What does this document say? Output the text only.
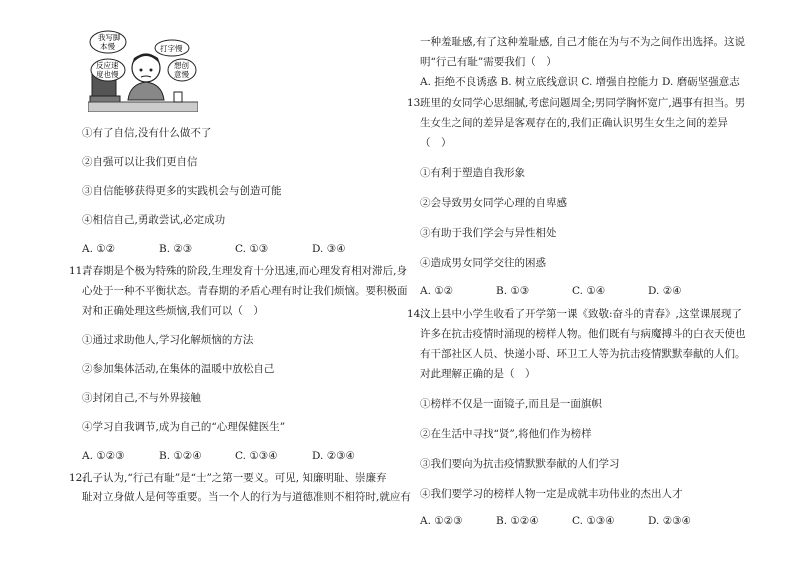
我写脚
本慢	打字慢
反应速
度也慢
想创
意慢
①有了自信,没有什么做不了
②自强可以让我们更自信
③自信能够获得更多的实践机会与创造可能
④相信自己,勇敢尝试,必定成功
A. ①②	B. ②③	C. ①③	D. ③④
11.
青春期是个极为特殊的阶段,生理发育十分迅速,而心理发育相对滞后,身
心处于一种不平衡状态。青春期的矛盾心理有时让我们烦恼。要积极面
对和正确处理这些烦恼,我们可以（　）
①通过求助他人,学习化解烦恼的方法
②参加集体活动,在集体的温暖中放松自己
③封闭自己,不与外界接触
④学习自我调节,成为自己的“心理保健医生”
A. ①②③	B. ①②④	C. ①③④	D. ②③④
12.
孔子认为,“行己有耻”是“士”之第一要义。可见, 知廉明耻、崇廉弃
耻对立身做人是何等重要。当一个人的行为与道德准则不相符时,就应有
一种羞耻感,有了这种羞耻感, 自己才能在为与不为之间作出选择。这说
明“行己有耻”需要我们（　）
A. 拒绝不良诱惑 B. 树立底线意识 C. 增强自控能力 D. 磨砺坚强意志
13.
班里的女同学心思细腻,考虑问题周全;男同学胸怀宽广,遇事有担当。男
生女生之间的差异是客观存在的,我们正确认识男生女生之间的差异
（　）
①有利于塑造自我形象
②会导致男女同学心理的自卑感
③有助于我们学会与异性相处
④造成男女同学交往的困惑
A. ①②	B. ①③	C. ①④	D. ②④
14.
汶上县中小学生收看了开学第一课《致敬:奋斗的青春》,这堂课展现了
许多在抗击疫情时涌现的榜样人物。他们既有与病魔搏斗的白衣天使也
有干部社区人员、快递小哥、环卫工人等为抗击疫情默默奉献的人们。
对此理解正确的是（　）
①榜样不仅是一面镜子,而且是一面旗帜
②在生活中寻找“贤”,将他们作为榜样
③我们要向为抗击疫情默默奉献的人们学习
④我们要学习的榜样人物一定是成就丰功伟业的杰出人才
A. ①②③	B. ①②④	C. ①③④	D. ②③④
